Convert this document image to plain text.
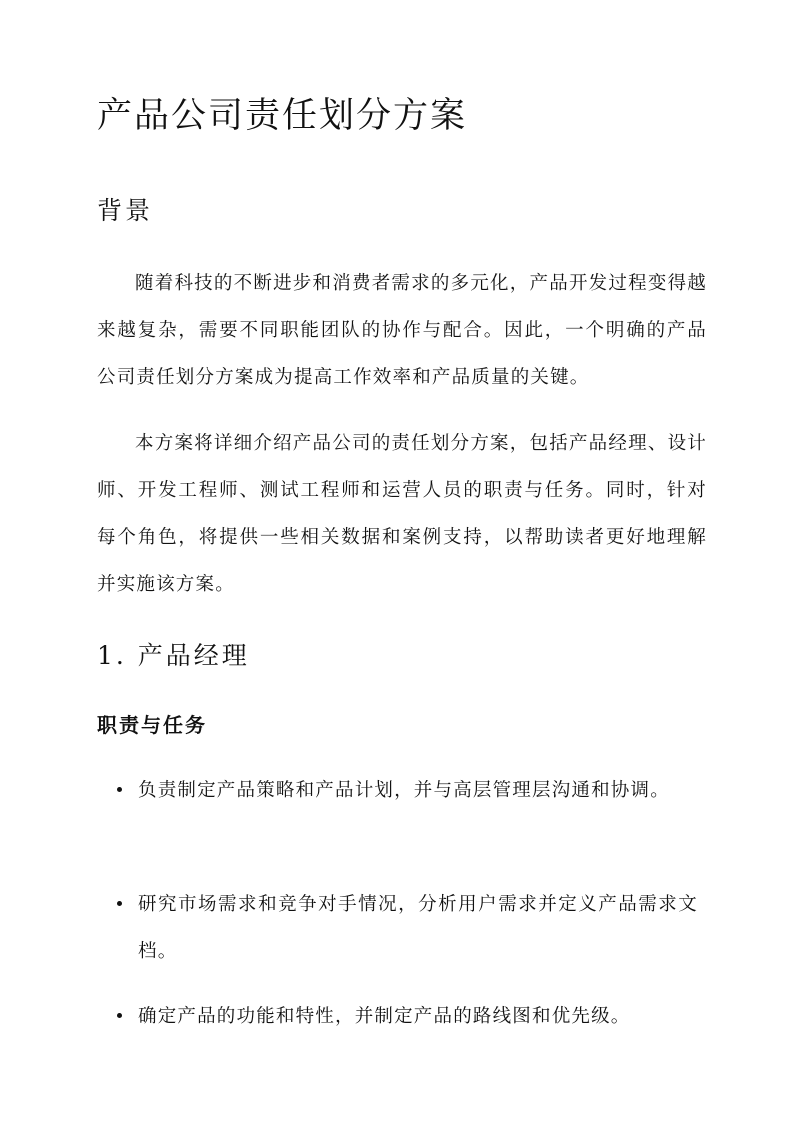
产品公司责任划分方案
背景

随着科技的不断进步和消费者需求的多元化，产品开发过程变得越来越复杂，需要不同职能团队的协作与配合。因此，一个明确的产品公司责任划分方案成为提高工作效率和产品质量的关键。

本方案将详细介绍产品公司的责任划分方案，包括产品经理、设计师、开发工程师、测试工程师和运营人员的职责与任务。同时，针对每个角色，将提供一些相关数据和案例支持，以帮助读者更好地理解并实施该方案。

1. 产品经理
职责与任务

负责制定产品策略和产品计划，并与高层管理层沟通和协调。

研究市场需求和竞争对手情况，分析用户需求并定义产品需求文档。

确定产品的功能和特性，并制定产品的路线图和优先级。
